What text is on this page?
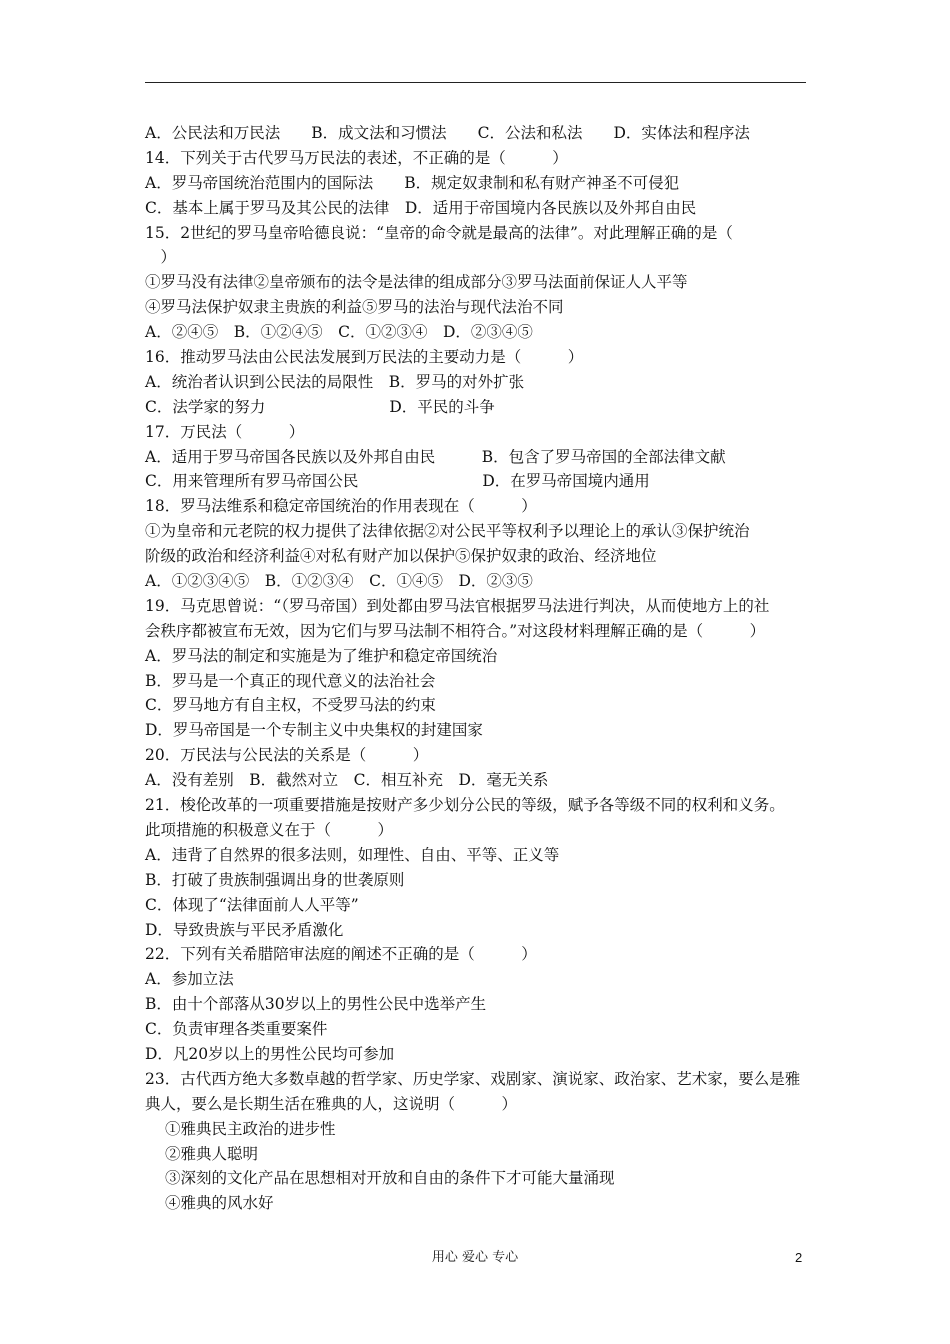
A．公民法和万民法　　B．成文法和习惯法　　C．公法和私法　　D．实体法和程序法
14．下列关于古代罗马万民法的表述，不正确的是（　　　）
A．罗马帝国统治范围内的国际法　　B．规定奴隶制和私有财产神圣不可侵犯
C．基本上属于罗马及其公民的法律　D．适用于帝国境内各民族以及外邦自由民
15．2世纪的罗马皇帝哈德良说：“皇帝的命令就是最高的法律”。对此理解正确的是（
　）
①罗马没有法律②皇帝颁布的法令是法律的组成部分③罗马法面前保证人人平等
④罗马法保护奴隶主贵族的利益⑤罗马的法治与现代法治不同
A．②④⑤　B．①②④⑤　C．①②③④　D．②③④⑤
16．推动罗马法由公民法发展到万民法的主要动力是（　　　）
A．统治者认识到公民法的局限性　B．罗马的对外扩张
C．法学家的努力　　　　　　　　D．平民的斗争
17．万民法（　　　）
A．适用于罗马帝国各民族以及外邦自由民　　　B．包含了罗马帝国的全部法律文献
C．用来管理所有罗马帝国公民　　　　　　　　D．在罗马帝国境内通用
18．罗马法维系和稳定帝国统治的作用表现在（　　　）
①为皇帝和元老院的权力提供了法律依据②对公民平等权利予以理论上的承认③保护统治
阶级的政治和经济利益④对私有财产加以保护⑤保护奴隶的政治、经济地位
A．①②③④⑤　B．①②③④　C．①④⑤　D．②③⑤
19．马克思曾说：“（罗马帝国）到处都由罗马法官根据罗马法进行判决，从而使地方上的社
会秩序都被宣布无效，因为它们与罗马法制不相符合。”对这段材料理解正确的是（　　　）
A．罗马法的制定和实施是为了维护和稳定帝国统治
B．罗马是一个真正的现代意义的法治社会
C．罗马地方有自主权，不受罗马法的约束
D．罗马帝国是一个专制主义中央集权的封建国家
20．万民法与公民法的关系是（　　　）
A．没有差别　B．截然对立　C．相互补充　D．毫无关系
21．梭伦改革的一项重要措施是按财产多少划分公民的等级，赋予各等级不同的权利和义务。
此项措施的积极意义在于（　　　）
A．违背了自然界的很多法则，如理性、自由、平等、正义等
B．打破了贵族制强调出身的世袭原则
C．体现了“法律面前人人平等”
D．导致贵族与平民矛盾激化
22．下列有关希腊陪审法庭的阐述不正确的是（　　　）
A．参加立法
B．由十个部落从30岁以上的男性公民中选举产生
C．负责审理各类重要案件
D．凡20岁以上的男性公民均可参加
23．古代西方绝大多数卓越的哲学家、历史学家、戏剧家、演说家、政治家、艺术家，要么是雅
典人，要么是长期生活在雅典的人，这说明（　　　）
①雅典民主政治的进步性
②雅典人聪明
③深刻的文化产品在思想相对开放和自由的条件下才可能大量涌现
④雅典的风水好
用心 爱心 专心	2
